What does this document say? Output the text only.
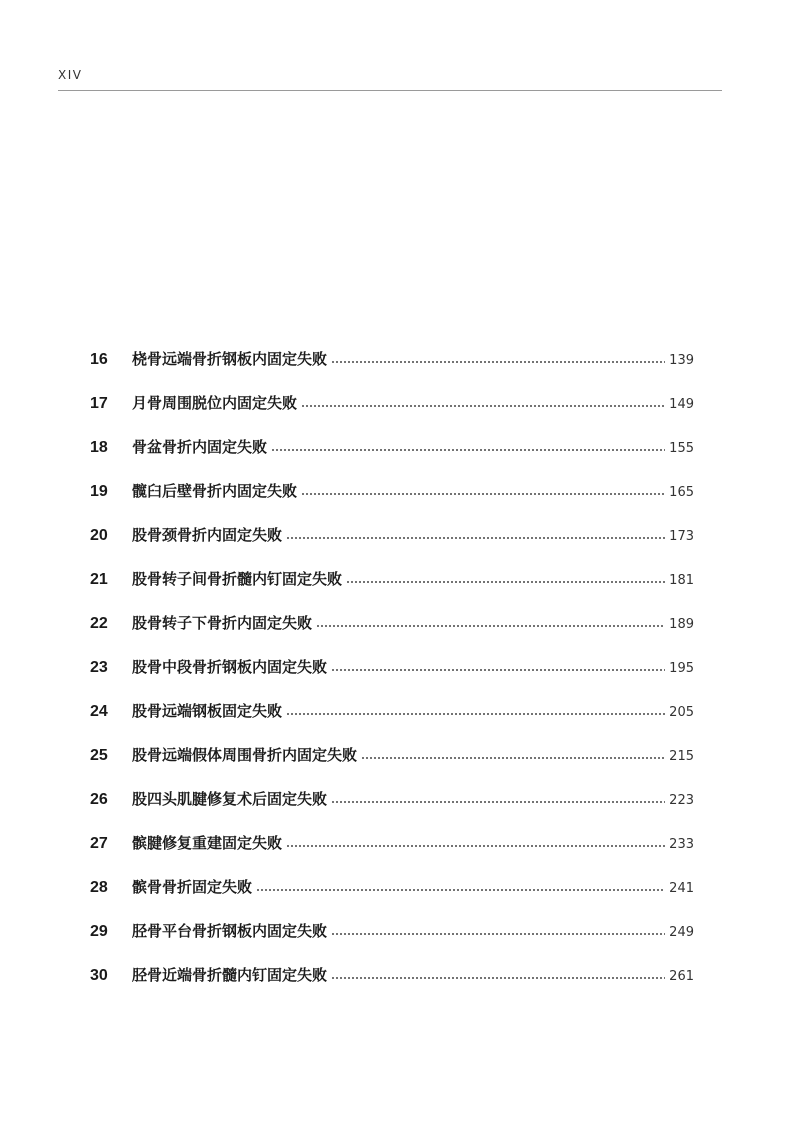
XIV
16	桡骨远端骨折钢板内固定失败	139
17	月骨周围脱位内固定失败	149
18	骨盆骨折内固定失败	155
19	髋臼后壁骨折内固定失败	165
20	股骨颈骨折内固定失败	173
21	股骨转子间骨折髓内钉固定失败	181
22	股骨转子下骨折内固定失败	189
23	股骨中段骨折钢板内固定失败	195
24	股骨远端钢板固定失败	205
25	股骨远端假体周围骨折内固定失败	215
26	股四头肌腱修复术后固定失败	223
27	髌腱修复重建固定失败	233
28	髌骨骨折固定失败	241
29	胫骨平台骨折钢板内固定失败	249
30	胫骨近端骨折髓内钉固定失败	261
